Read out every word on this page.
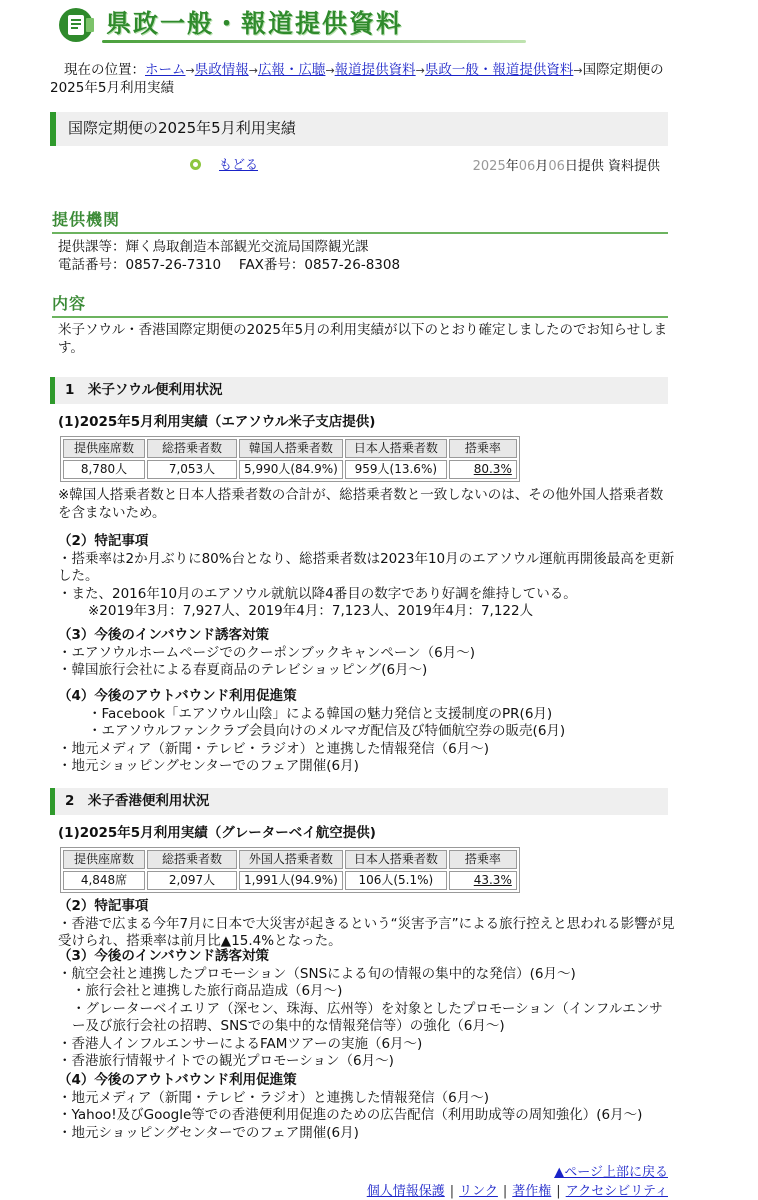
県政一般・報道提供資料
現在の位置：ホーム→県政情報→広報・広聴→報道提供資料→県政一般・報道提供資料→国際定期便の2025年5月利用実績
国際定期便の2025年5月利用実績
もどる	2025年06月06日提供 資料提供
提供機関
提供課等：輝く鳥取創造本部観光交流局国際観光課
電話番号：0857-26-7310　 FAX番号：0857-26-8308
内容
米子ソウル・香港国際定期便の2025年5月の利用実績が以下のとおり確定しましたのでお知らせします。
1　米子ソウル便利用状況
(1)2025年5月利用実績（エアソウル米子支店提供)
提供座席数	総搭乗者数	韓国人搭乗者数	日本人搭乗者数	搭乗率
8,780人	7,053人	5,990人(84.9%)	959人(13.6%)	80.3%
※韓国人搭乗者数と日本人搭乗者数の合計が、総搭乗者数と一致しないのは、その他外国人搭乗者数を含まないため。
（2）特記事項
・搭乗率は2か月ぶりに80%台となり、総搭乗者数は2023年10月のエアソウル運航再開後最高を更新した。
・また、2016年10月のエアソウル就航以降4番目の数字であり好調を維持している。
※2019年3月：7,927人、2019年4月：7,123人、2019年4月：7,122人
（3）今後のインバウンド誘客対策
・エアソウルホームページでのクーポンブックキャンペーン（6月～)
・韓国旅行会社による春夏商品のテレビショッピング(6月～)
（4）今後のアウトバウンド利用促進策
・Facebook「エアソウル山陰」による韓国の魅力発信と支援制度のPR(6月)
・エアソウルファンクラブ会員向けのメルマガ配信及び特価航空券の販売(6月)
・地元メディア（新聞・テレビ・ラジオ）と連携した情報発信（6月～)
・地元ショッピングセンターでのフェア開催(6月)
2　米子香港便利用状況
(1)2025年5月利用実績（グレーターベイ航空提供)
提供座席数	総搭乗者数	外国人搭乗者数	日本人搭乗者数	搭乗率
4,848席	2,097人	1,991人(94.9%)	106人(5.1%)	43.3%
（2）特記事項
・香港で広まる今年7月に日本で大災害が起きるという“災害予言”による旅行控えと思われる影響が見受けられ、搭乗率は前月比▲15.4%となった。
（3）今後のインバウンド誘客対策
・航空会社と連携したプロモーション（SNSによる旬の情報の集中的な発信）(6月～)
・旅行会社と連携した旅行商品造成（6月～)
・グレーターベイエリア（深セン、珠海、広州等）を対象としたプロモーション（インフルエンサー及び旅行会社の招聘、SNSでの集中的な情報発信等）の強化（6月～)
・香港人インフルエンサーによるFAMツアーの実施（6月～)
・香港旅行情報サイトでの観光プロモーション（6月～)
（4）今後のアウトバウンド利用促進策
・地元メディア（新聞・テレビ・ラジオ）と連携した情報発信（6月～)
・Yahoo!及びGoogle等での香港便利用促進のための広告配信（利用助成等の周知強化）(6月～)
・地元ショッピングセンターでのフェア開催(6月)
▲ページ上部に戻る
個人情報保護 | リンク | 著作権 | アクセシビリティ
